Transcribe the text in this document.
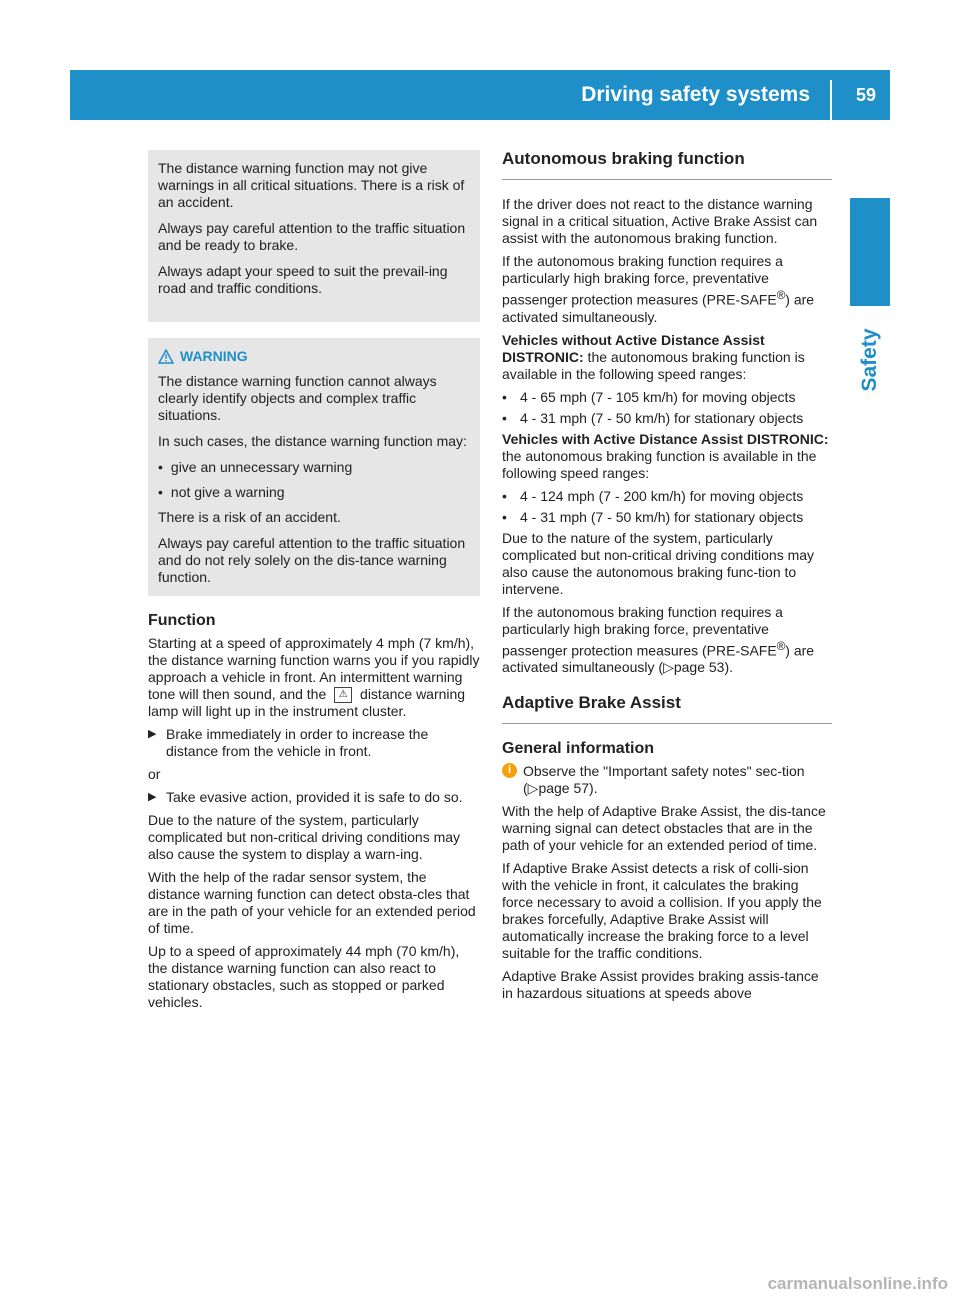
Driving safety systems	59
Safety

The distance warning function may not give warnings in all critical situations. There is a risk of an accident.

Always pay careful attention to the traffic situation and be ready to brake.

Always adapt your speed to suit the prevail-ing road and traffic conditions.

WARNING

The distance warning function cannot always clearly identify objects and complex traffic situations.

In such cases, the distance warning function may:

• give an unnecessary warning
• not give a warning

There is a risk of an accident.

Always pay careful attention to the traffic situation and do not rely solely on the dis-tance warning function.

Function

Starting at a speed of approximately 4 mph (7 km/h), the distance warning function warns you if you rapidly approach a vehicle in front. An intermittent warning tone will then sound, and the ⚠ distance warning lamp will light up in the instrument cluster.

▶ Brake immediately in order to increase the distance from the vehicle in front.

or

▶ Take evasive action, provided it is safe to do so.

Due to the nature of the system, particularly complicated but non-critical driving conditions may also cause the system to display a warn-ing.

With the help of the radar sensor system, the distance warning function can detect obsta-cles that are in the path of your vehicle for an extended period of time.

Up to a speed of approximately 44 mph (70 km/h), the distance warning function can also react to stationary obstacles, such as stopped or parked vehicles.

Autonomous braking function

If the driver does not react to the distance warning signal in a critical situation, Active Brake Assist can assist with the autonomous braking function.

If the autonomous braking function requires a particularly high braking force, preventative passenger protection measures (PRE-SAFE®) are activated simultaneously.

Vehicles without Active Distance Assist DISTRONIC: the autonomous braking function is available in the following speed ranges:

• 4 - 65 mph (7 - 105 km/h) for moving objects
• 4 - 31 mph (7 - 50 km/h) for stationary objects

Vehicles with Active Distance Assist DISTRONIC: the autonomous braking function is available in the following speed ranges:

• 4 - 124 mph (7 - 200 km/h) for moving objects
• 4 - 31 mph (7 - 50 km/h) for stationary objects

Due to the nature of the system, particularly complicated but non-critical driving conditions may also cause the autonomous braking func-tion to intervene.

If the autonomous braking function requires a particularly high braking force, preventative passenger protection measures (PRE-SAFE®) are activated simultaneously (▷page 53).

Adaptive Brake Assist
General information
i Observe the "Important safety notes" sec-tion (▷page 57).

With the help of Adaptive Brake Assist, the dis-tance warning signal can detect obstacles that are in the path of your vehicle for an extended period of time.

If Adaptive Brake Assist detects a risk of colli-sion with the vehicle in front, it calculates the braking force necessary to avoid a collision. If you apply the brakes forcefully, Adaptive Brake Assist will automatically increase the braking force to a level suitable for the traffic conditions.

Adaptive Brake Assist provides braking assis-tance in hazardous situations at speeds above

carmanualsonline.info
